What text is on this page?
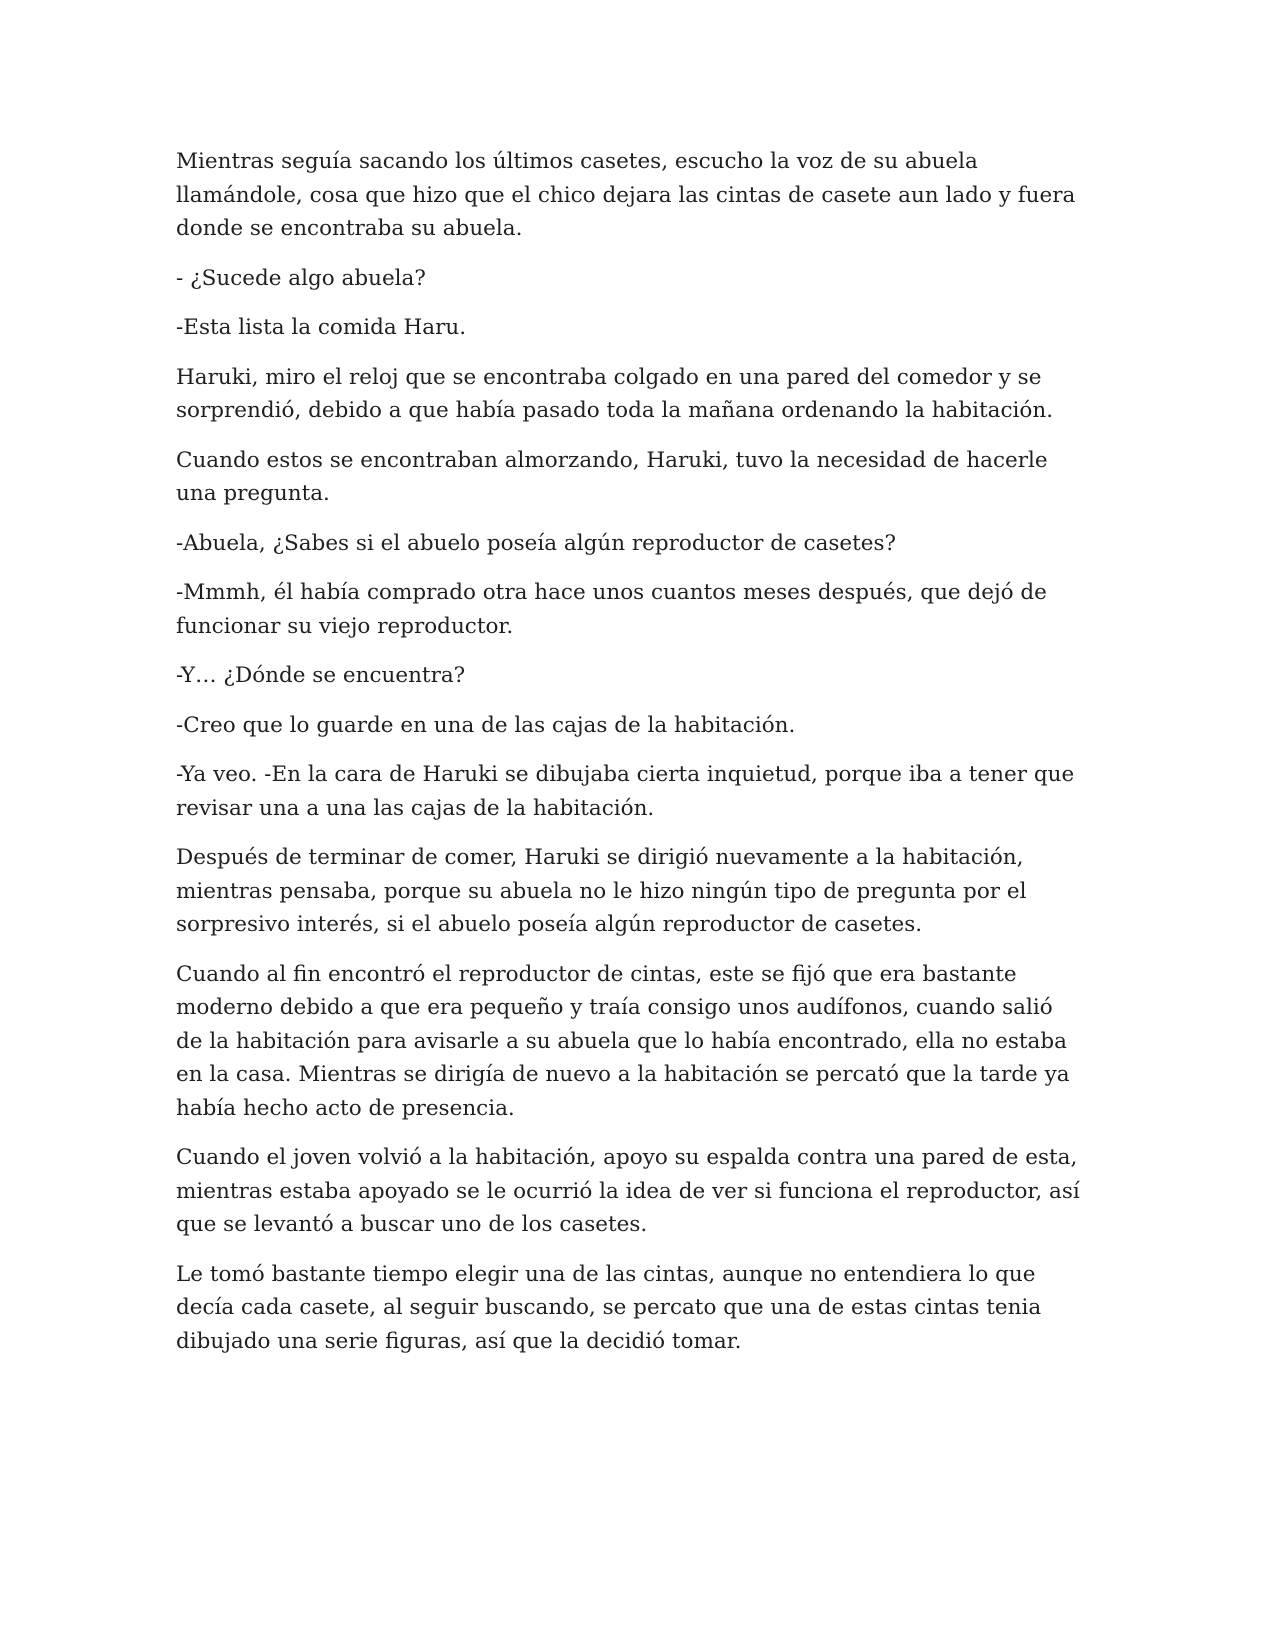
Mientras seguía sacando los últimos casetes, escucho la voz de su abuela
llamándole, cosa que hizo que el chico dejara las cintas de casete aun lado y fuera
donde se encontraba su abuela.

- ¿Sucede algo abuela?

-Esta lista la comida Haru.

Haruki, miro el reloj que se encontraba colgado en una pared del comedor y se
sorprendió, debido a que había pasado toda la mañana ordenando la habitación.

Cuando estos se encontraban almorzando, Haruki, tuvo la necesidad de hacerle
una pregunta.

-Abuela, ¿Sabes si el abuelo poseía algún reproductor de casetes?

-Mmmh, él había comprado otra hace unos cuantos meses después, que dejó de
funcionar su viejo reproductor.

-Y… ¿Dónde se encuentra?

-Creo que lo guarde en una de las cajas de la habitación.

-Ya veo. -En la cara de Haruki se dibujaba cierta inquietud, porque iba a tener que
revisar una a una las cajas de la habitación.

Después de terminar de comer, Haruki se dirigió nuevamente a la habitación,
mientras pensaba, porque su abuela no le hizo ningún tipo de pregunta por el
sorpresivo interés, si el abuelo poseía algún reproductor de casetes.

Cuando al fin encontró el reproductor de cintas, este se fijó que era bastante
moderno debido a que era pequeño y traía consigo unos audífonos, cuando salió
de la habitación para avisarle a su abuela que lo había encontrado, ella no estaba
en la casa. Mientras se dirigía de nuevo a la habitación se percató que la tarde ya
había hecho acto de presencia.

Cuando el joven volvió a la habitación, apoyo su espalda contra una pared de esta,
mientras estaba apoyado se le ocurrió la idea de ver si funciona el reproductor, así
que se levantó a buscar uno de los casetes.

Le tomó bastante tiempo elegir una de las cintas, aunque no entendiera lo que
decía cada casete, al seguir buscando, se percato que una de estas cintas tenia
dibujado una serie figuras, así que la decidió tomar.
